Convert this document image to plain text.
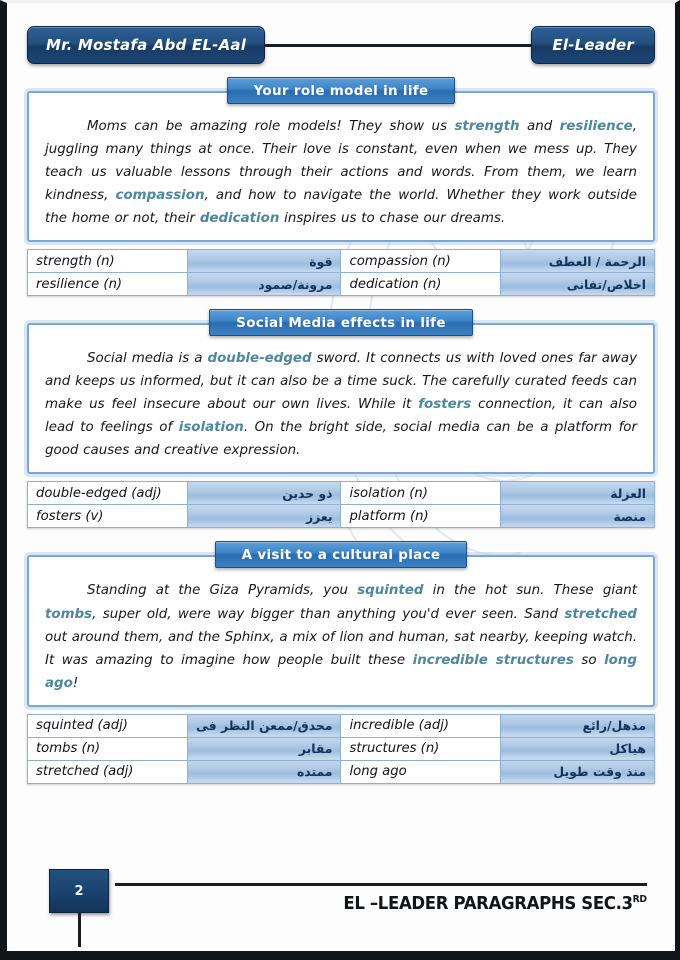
Mr. Mostafa Abd EL-Aal	El-Leader
Your role model in life
Moms can be amazing role models! They show us strength and resilience, juggling many things at once. Their love is constant, even when we mess up. They teach us valuable lessons through their actions and words. From them, we learn kindness, compassion, and how to navigate the world. Whether they work outside the home or not, their dedication inspires us to chase our dreams.
strength (n)	قوة	compassion (n)	الرحمة / العطف
resilience (n)	مرونة/صمود	dedication (n)	اخلاص/تفانى
Social Media effects in life
Social media is a double-edged sword. It connects us with loved ones far away and keeps us informed, but it can also be a time suck. The carefully curated feeds can make us feel insecure about our own lives. While it fosters connection, it can also lead to feelings of isolation. On the bright side, social media can be a platform for good causes and creative expression.
double-edged (adj)	ذو حدين	isolation (n)	العزلة
fosters (v)	يعزز	platform (n)	منصة
A visit to a cultural place
Standing at the Giza Pyramids, you squinted in the hot sun. These giant tombs, super old, were way bigger than anything you'd ever seen. Sand stretched out around them, and the Sphinx, a mix of lion and human, sat nearby, keeping watch. It was amazing to imagine how people built these incredible structures so long ago!
squinted (adj)	محدق/ممعن النظر فى	incredible (adj)	مذهل/رائع
tombs (n)	مقابر	structures (n)	هياكل
stretched (adj)	ممتده	long ago	منذ وقت طويل
2
EL –LEADER PARAGRAPHS SEC.3RD
